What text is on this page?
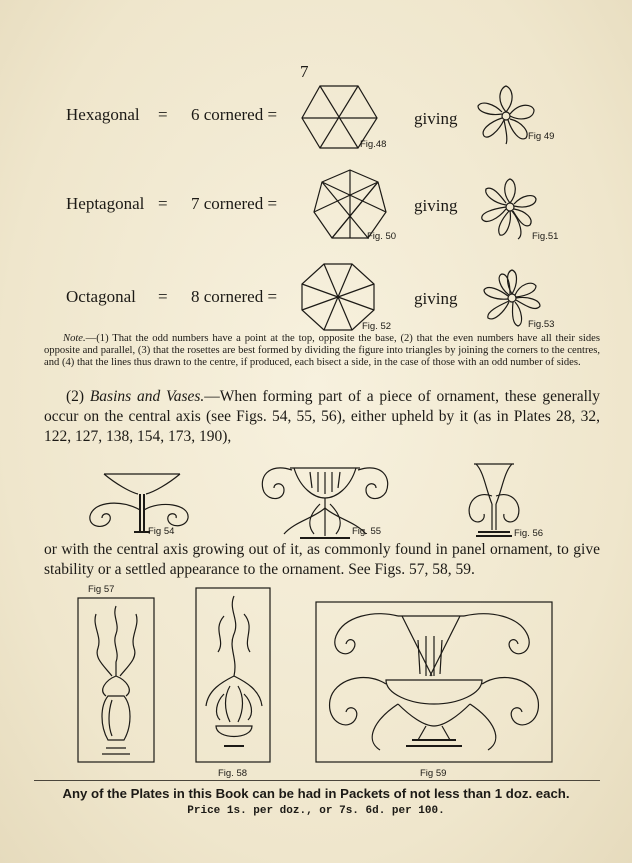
7
Hexagonal = 6 cornered =	giving
Fig.48
Fig 49
Heptagonal = 7 cornered =	giving
Fig. 50	Fig.51
Octagonal = 8 cornered =	giving
Fig. 52	Fig.53
Note.—(1) That the odd numbers have a point at the top, opposite the base, (2) that the even numbers have all their sides opposite and parallel, (3) that the rosettes are best formed by dividing the figure into triangles by joining the corners to the centres, and (4) that the lines thus drawn to the centre, if produced, each bisect a side, in the case of those with an odd number of sides.
(2) Basins and Vases.—When forming part of a piece of ornament, these generally occur on the central axis (see Figs. 54, 55, 56), either upheld by it (as in Plates 28, 32, 122, 127, 138, 154, 173, 190),
Fig 54	Fig. 55	Fig. 56
or with the central axis growing out of it, as commonly found in panel ornament, to give stability or a settled appearance to the ornament. See Figs. 57, 58, 59.
Fig 57
Fig. 58	Fig 59
Any of the Plates in this Book can be had in Packets of not less than 1 doz. each.
Price 1s. per doz., or 7s. 6d. per 100.
